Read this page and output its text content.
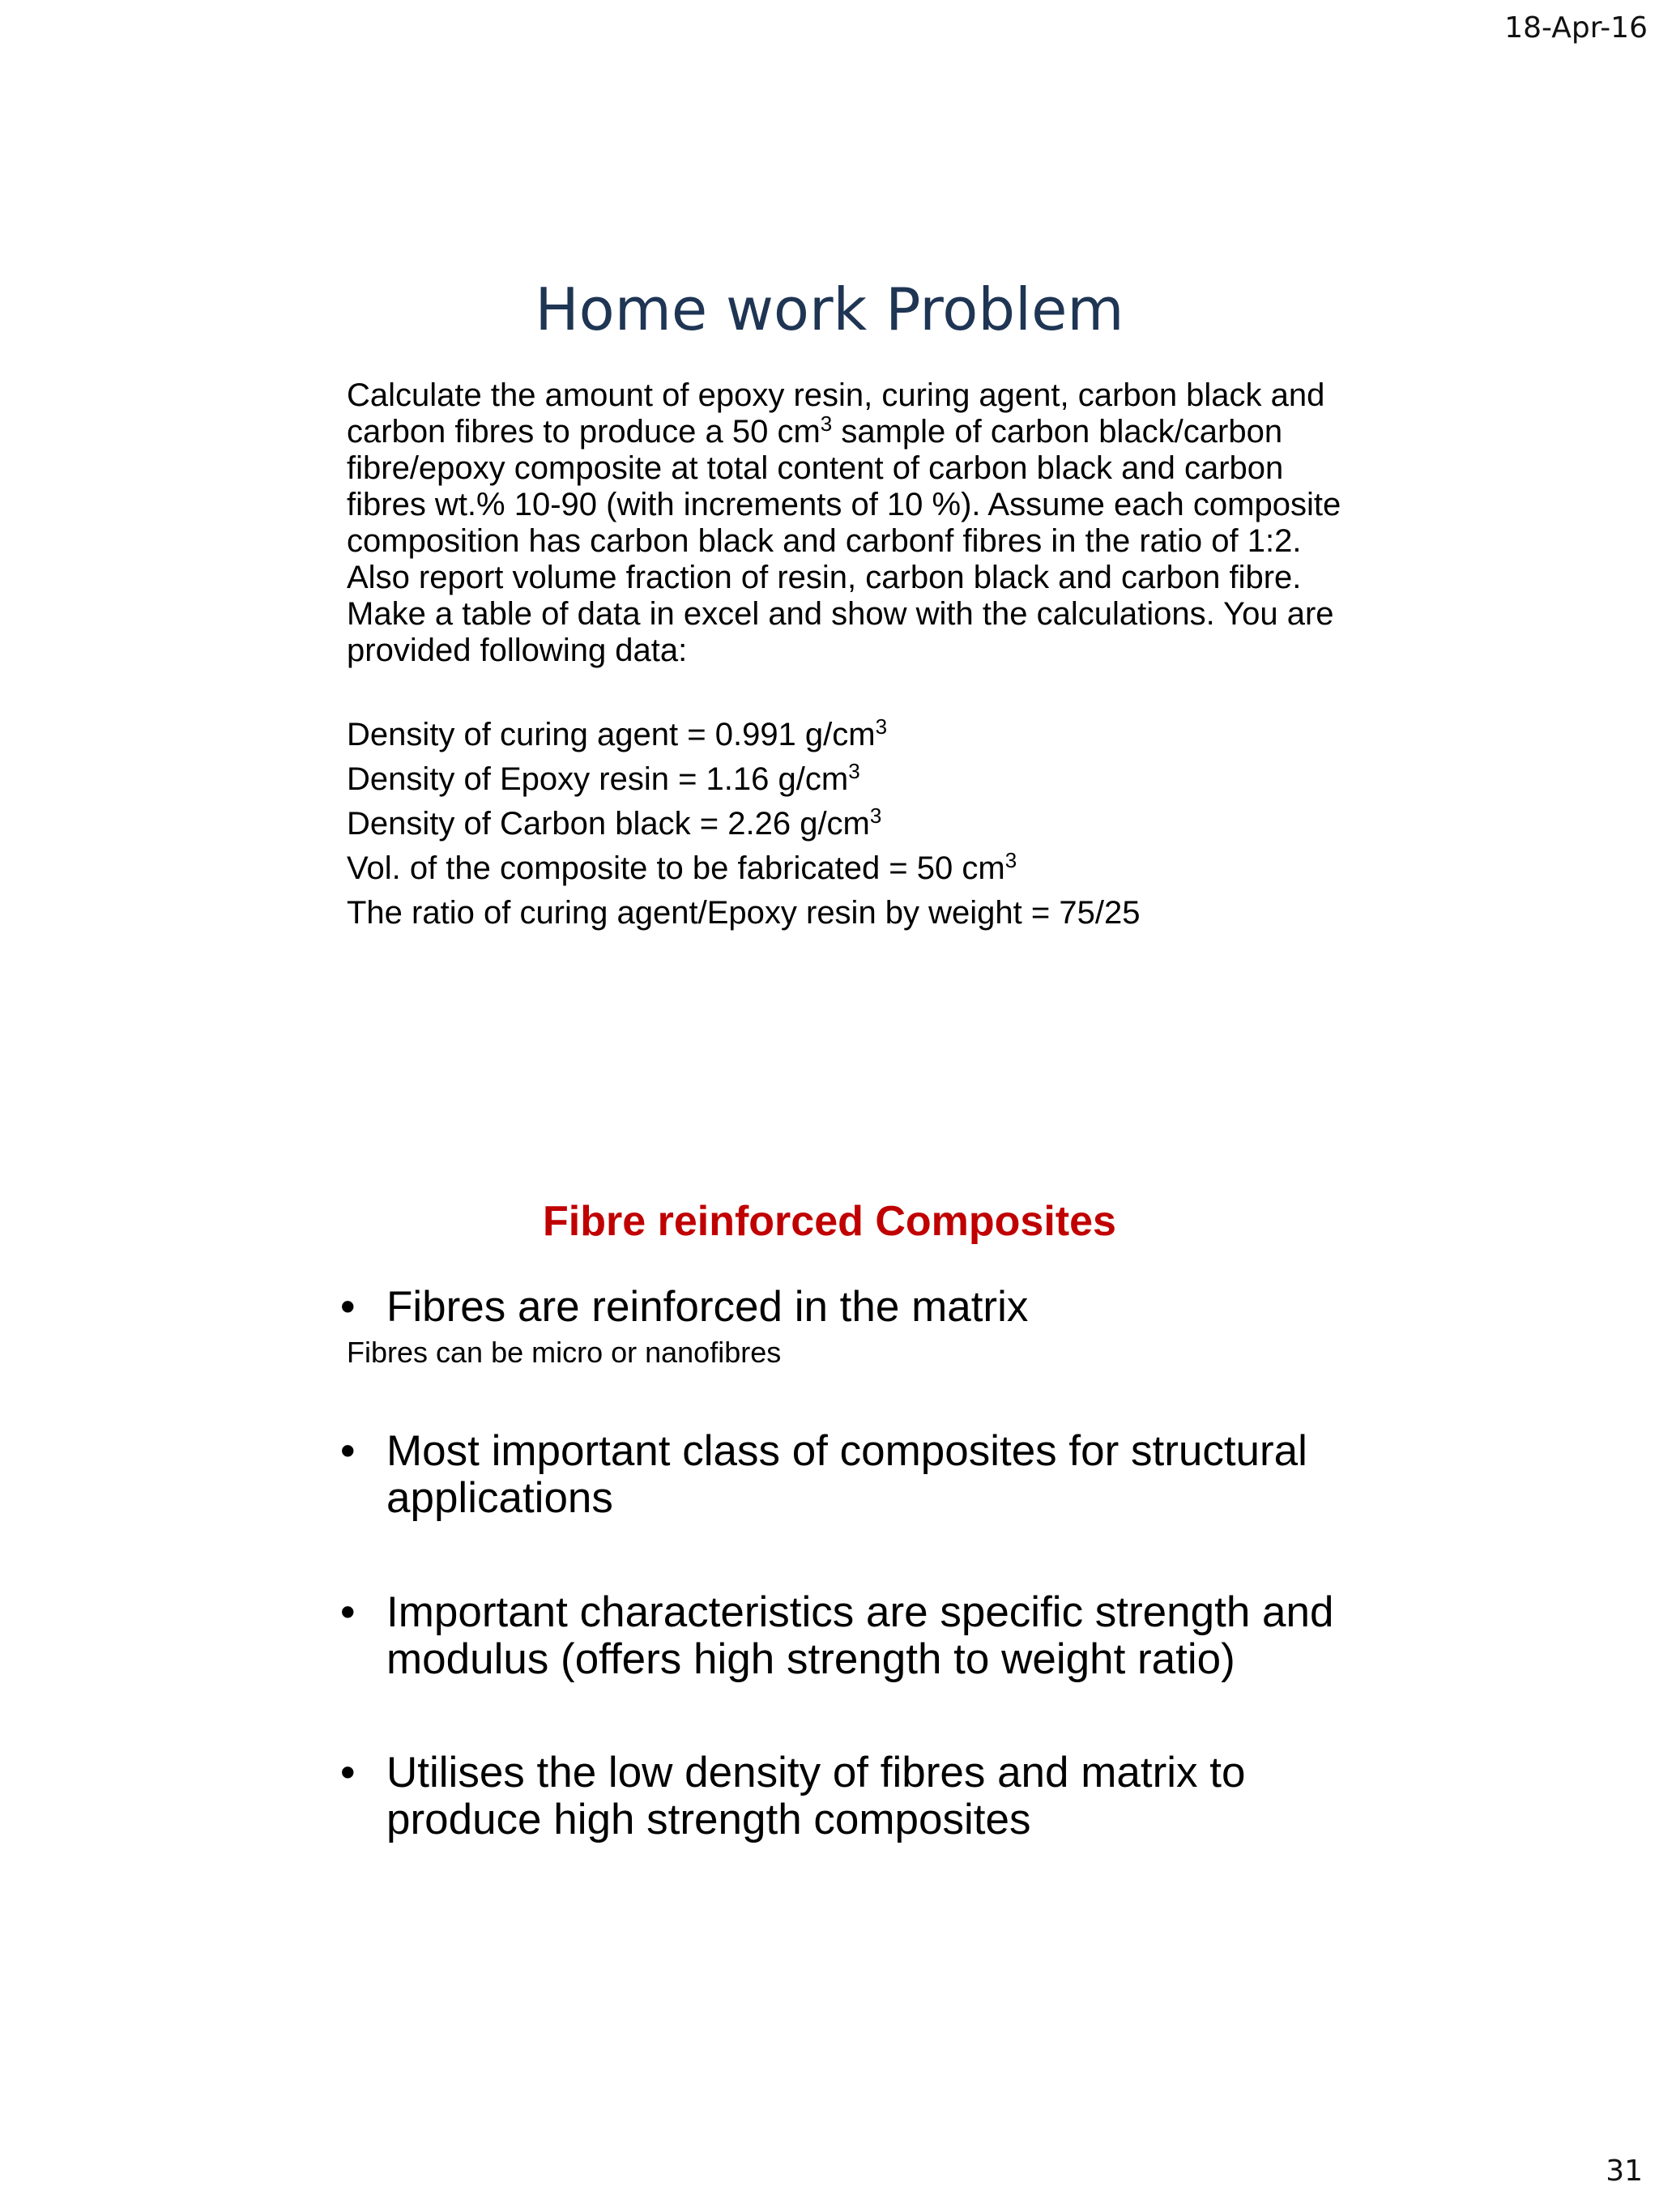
18-Apr-16
Home work Problem

Calculate the amount of epoxy resin, curing agent, carbon black and carbon fibres to produce a 50 $cm^3$ sample of carbon black/carbon fibre/epoxy composite at total content of carbon black and carbon fibres wt.% 10-90 (with increments of 10 %). Assume each composite composition has carbon black and carbonf fibres in the ratio of 1:2. Also report volume fraction of resin, carbon black and carbon fibre. Make a table of data in excel and show with the calculations. You are provided following data:

Density of curing agent = 0.991 $g/cm^3$
Density of Epoxy resin = 1.16 $g/cm^3$
Density of Carbon black = 2.26 $g/cm^3$
Vol. of the composite to be fabricated = 50 $cm^3$
The ratio of curing agent/Epoxy resin by weight = 75/25
Fibre reinforced Composites
• Fibres are reinforced in the matrix
Fibres can be micro or nanofibres
• Most important class of composites for structural applications
• Important characteristics are specific strength and modulus (offers high strength to weight ratio)
• Utilises the low density of fibres and matrix to produce high strength composites
31
